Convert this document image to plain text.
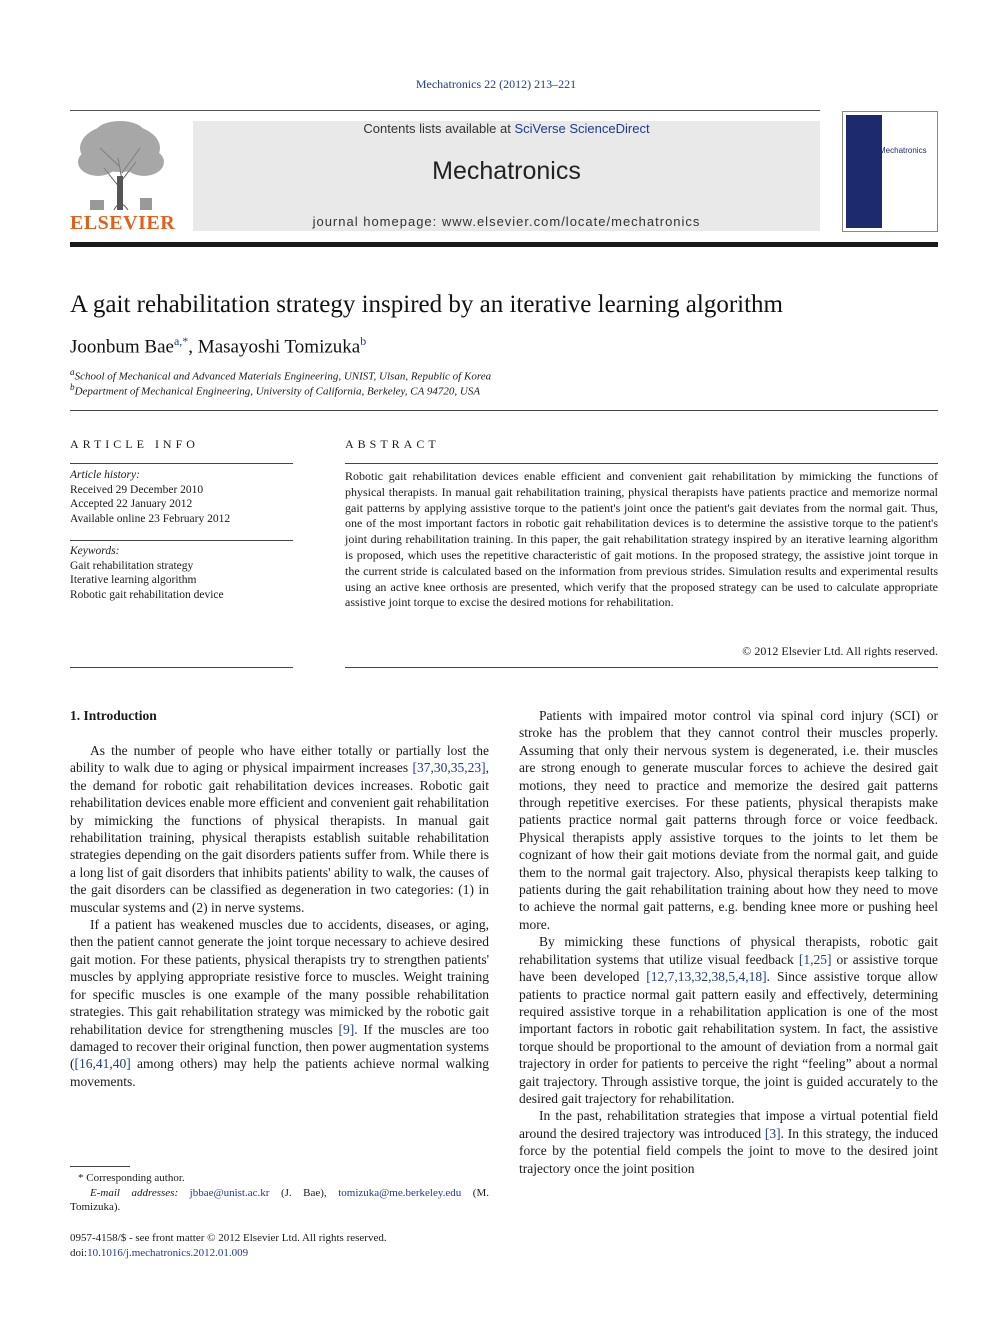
Mechatronics 22 (2012) 213–221
ELSEVIER
Contents lists available at SciVerse ScienceDirect
Mechatronics
journal homepage: www.elsevier.com/locate/mechatronics
Mechatronics
A gait rehabilitation strategy inspired by an iterative learning algorithm
Joonbum Bae$^{a,*}$, Masayoshi Tomizuka$^b$
$^a$School of Mechanical and Advanced Materials Engineering, UNIST, Ulsan, Republic of Korea
$^b$Department of Mechanical Engineering, University of California, Berkeley, CA 94720, USA
ARTICLE INFO
Article history:
Received 29 December 2010
Accepted 22 January 2012
Available online 23 February 2012
Keywords:
Gait rehabilitation strategy
Iterative learning algorithm
Robotic gait rehabilitation device
ABSTRACT
Robotic gait rehabilitation devices enable efficient and convenient gait rehabilitation by mimicking the functions of physical therapists. In manual gait rehabilitation training, physical therapists have patients practice and memorize normal gait patterns by applying assistive torque to the patient's joint once the patient's gait deviates from the normal gait. Thus, one of the most important factors in robotic gait rehabilitation devices is to determine the assistive torque to the patient's joint during rehabilitation training. In this paper, the gait rehabilitation strategy inspired by an iterative learning algorithm is proposed, which uses the repetitive characteristic of gait motions. In the proposed strategy, the assistive joint torque in the current stride is calculated based on the information from previous strides. Simulation results and experimental results using an active knee orthosis are presented, which verify that the proposed strategy can be used to calculate appropriate assistive joint torque to excise the desired motions for rehabilitation.
© 2012 Elsevier Ltd. All rights reserved.
1. Introduction

As the number of people who have either totally or partially lost the ability to walk due to aging or physical impairment increases [37,30,35,23], the demand for robotic gait rehabilitation devices increases. Robotic gait rehabilitation devices enable more efficient and convenient gait rehabilitation by mimicking the functions of physical therapists. In manual gait rehabilitation training, physical therapists establish suitable rehabilitation strategies depending on the gait disorders patients suffer from. While there is a long list of gait disorders that inhibits patients' ability to walk, the causes of the gait disorders can be classified as degeneration in two categories: (1) in muscular systems and (2) in nerve systems.

If a patient has weakened muscles due to accidents, diseases, or aging, then the patient cannot generate the joint torque necessary to achieve desired gait motion. For these patients, physical therapists try to strengthen patients' muscles by applying appropriate resistive force to muscles. Weight training for specific muscles is one example of the many possible rehabilitation strategies. This gait rehabilitation strategy was mimicked by the robotic gait rehabilitation device for strengthening muscles [9]. If the muscles are too damaged to recover their original function, then power augmentation systems ([16,41,40] among others) may help the patients achieve normal walking movements.

Patients with impaired motor control via spinal cord injury (SCI) or stroke has the problem that they cannot control their muscles properly. Assuming that only their nervous system is degenerated, i.e. their muscles are strong enough to generate muscular forces to achieve the desired gait motions, they need to practice and memorize the desired gait patterns through repetitive exercises. For these patients, physical therapists make patients practice normal gait patterns through force or voice feedback. Physical therapists apply assistive torques to the joints to let them be cognizant of how their gait motions deviate from the normal gait, and guide them to the normal gait trajectory. Also, physical therapists keep talking to patients during the gait rehabilitation training about how they need to move to achieve the normal gait patterns, e.g. bending knee more or pushing heel more.

By mimicking these functions of physical therapists, robotic gait rehabilitation systems that utilize visual feedback [1,25] or assistive torque have been developed [12,7,13,32,38,5,4,18]. Since assistive torque allow patients to practice normal gait pattern easily and effectively, determining required assistive torque in a rehabilitation application is one of the most important factors in robotic gait rehabilitation system. In fact, the assistive torque should be proportional to the amount of deviation from a normal gait trajectory in order for patients to perceive the right “feeling” about a normal gait trajectory. Through assistive torque, the joint is guided accurately to the desired gait trajectory for rehabilitation.

In the past, rehabilitation strategies that impose a virtual potential field around the desired trajectory was introduced [3]. In this strategy, the induced force by the potential field compels the joint to move to the desired joint trajectory once the joint position

* Corresponding author.
E-mail addresses: jbbae@unist.ac.kr (J. Bae), tomizuka@me.berkeley.edu (M. Tomizuka).
0957-4158/$ - see front matter © 2012 Elsevier Ltd. All rights reserved.
doi:10.1016/j.mechatronics.2012.01.009
